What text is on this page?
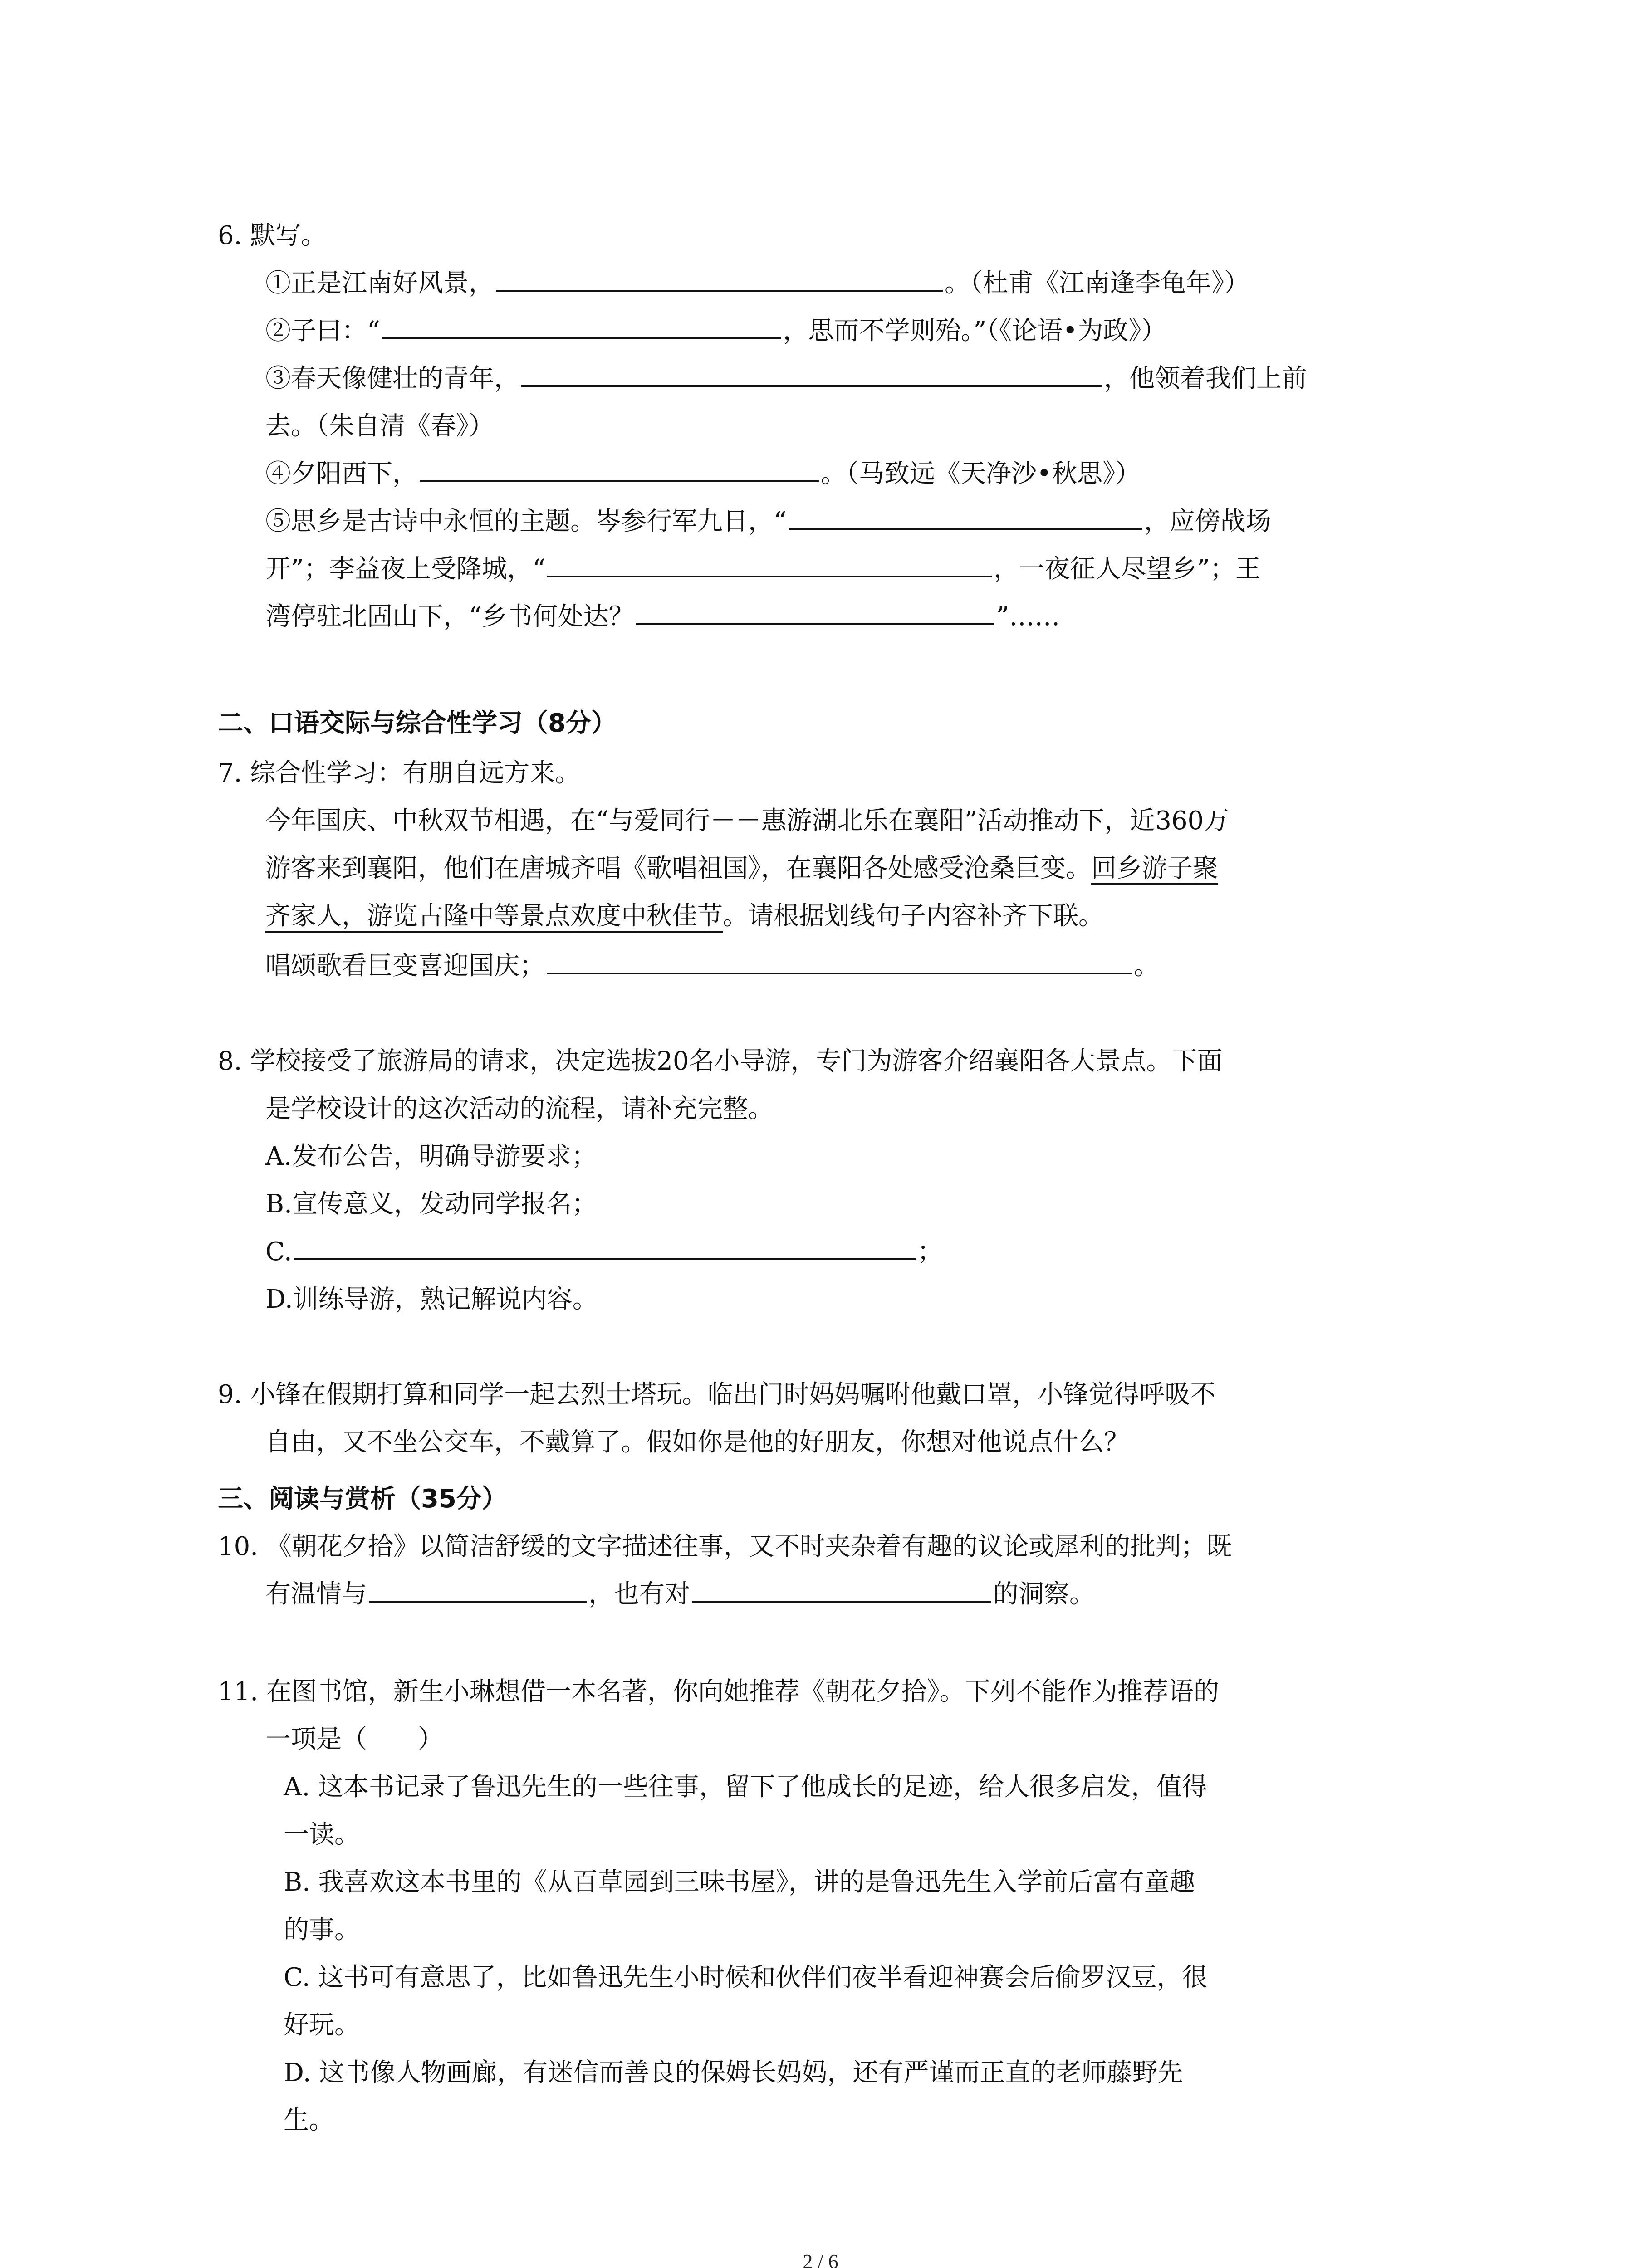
6. 默写。
①正是江南好风景，	。（杜甫《江南逢李龟年》）
②子曰：“	，思而不学则殆。”（《论语•为政》）
③春天像健壮的青年，	，他领着我们上前
去。（朱自清《春》）
④夕阳西下，	。（马致远《天净沙•秋思》）
⑤思乡是古诗中永恒的主题。岑参行军九日，“	，应傍战场
开”；李益夜上受降城，“	，一夜征人尽望乡”；王
湾停驻北固山下，“乡书何处达？	”……
二、口语交际与综合性学习（8分）
7. 综合性学习：有朋自远方来。
今年国庆、中秋双节相遇，在“与爱同行－－惠游湖北乐在襄阳”活动推动下，近360万
游客来到襄阳，他们在唐城齐唱《歌唱祖国》，在襄阳各处感受沧桑巨变。回乡游子聚
齐家人，游览古隆中等景点欢度中秋佳节。请根据划线句子内容补齐下联。
唱颂歌看巨变喜迎国庆；	。
8. 学校接受了旅游局的请求，决定选拔20名小导游，专门为游客介绍襄阳各大景点。下面
是学校设计的这次活动的流程，请补充完整。
A.发布公告，明确导游要求；
B.宣传意义，发动同学报名；
C.	；
D.训练导游，熟记解说内容。
9. 小锋在假期打算和同学一起去烈士塔玩。临出门时妈妈嘱咐他戴口罩，小锋觉得呼吸不
自由，又不坐公交车，不戴算了。假如你是他的好朋友，你想对他说点什么？
三、阅读与赏析（35分）
10. 《朝花夕拾》以简洁舒缓的文字描述往事，又不时夹杂着有趣的议论或犀利的批判；既
有温情与	，也有对	的洞察。
11. 在图书馆，新生小琳想借一本名著，你向她推荐《朝花夕拾》。下列不能作为推荐语的
一项是（　　）
A. 这本书记录了鲁迅先生的一些往事，留下了他成长的足迹，给人很多启发，值得
一读。
B. 我喜欢这本书里的《从百草园到三味书屋》，讲的是鲁迅先生入学前后富有童趣
的事。
C. 这书可有意思了，比如鲁迅先生小时候和伙伴们夜半看迎神赛会后偷罗汉豆，很
好玩。
D. 这书像人物画廊，有迷信而善良的保姆长妈妈，还有严谨而正直的老师藤野先
生。
2 / 6
